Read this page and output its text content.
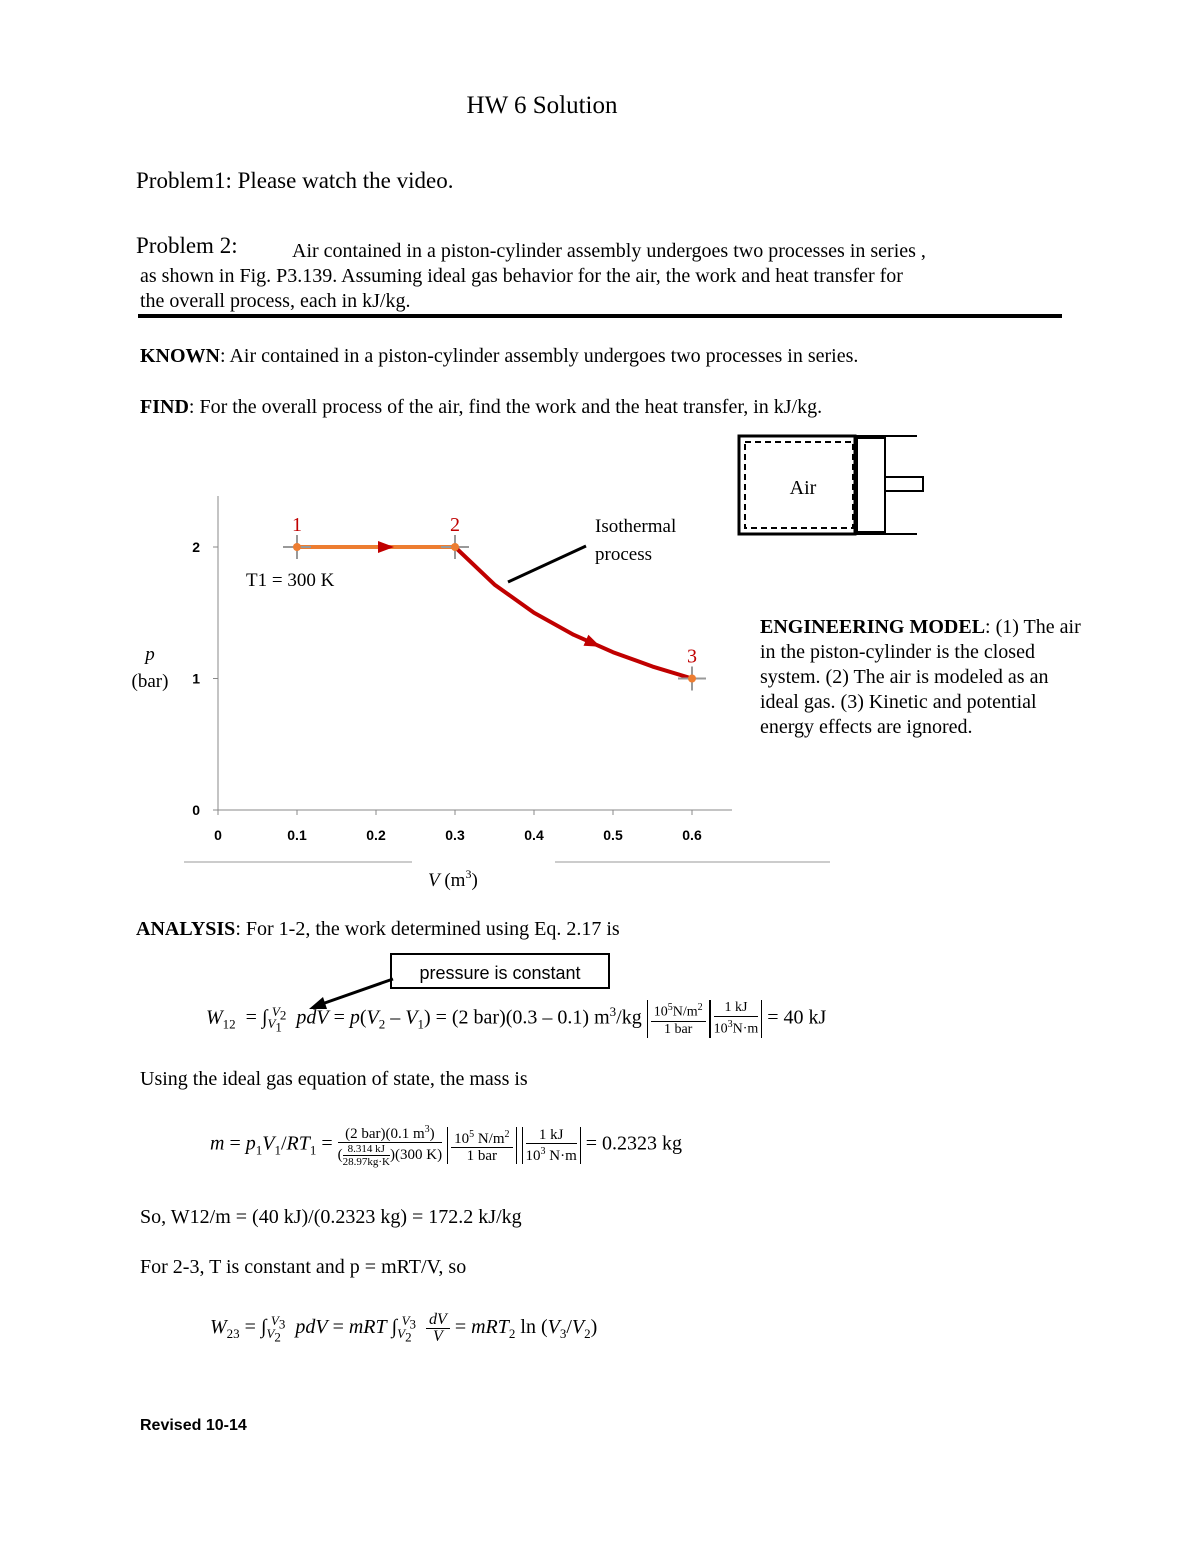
HW 6 Solution
Problem1: Please watch the video.
Problem 2:	Air contained in a piston-cylinder assembly undergoes two processes in series ,
as shown in Fig. P3.139. Assuming ideal gas behavior for the air, the work and heat transfer for
the overall process, each in kJ/kg.
KNOWN: Air contained in a piston-cylinder assembly undergoes two processes in series.
FIND: For the overall process of the air, find the work and the heat transfer, in kJ/kg.
Air
0	0.1	0.2	0.3	0.4	0.5	0.6
0
1
2
1	2
3
Isothermal
process
T1 = 300 K
p
(bar)
V $(m^3)$
ENGINEERING MODEL: (1) The air
in the piston-cylinder is the closed
system. (2) The air is modeled as an
ideal gas. (3) Kinetic and potential
energy effects are ignored.
ANALYSIS: For 1-2, the work determined using Eq. 2.17 is
pressure is constant
$W_{12} = \int_{V_1}^{V_2}$ pdV = $p(V_2 - V_1) = (2$ bar)(0.3 – 0.1) $m^3/kg \frac{10^5N/m^2}{\text{1 bar}} \frac{1 kJ}{10^3N\cdot m} = 40$ kJ
Using the ideal gas equation of state, the mass is
$m = p_1V_1/RT_1 = \frac{(2 bar)(0.1 m^3)}{( \frac{8.314 kJ}{28.97kg\cdot K} )(300 K)}$
$\frac{10^5 N/m^2}{\text{1 bar}}$
$\frac{1 kJ}{10^3 N\cdot m} = 0.2323$ kg
So, W12/m = (40 kJ)/(0.2323 kg) = 172.2 kJ/kg
For 2-3, T is constant and p = mRT/V, so
$W_{23} = \int_{V_2}^{V_3}$ pdV = mRT $\int_{V_2}^{V_3} \frac{dV}{V} = mRT_2$ $\ln (V_3/V_2)$
Revised 10-14
